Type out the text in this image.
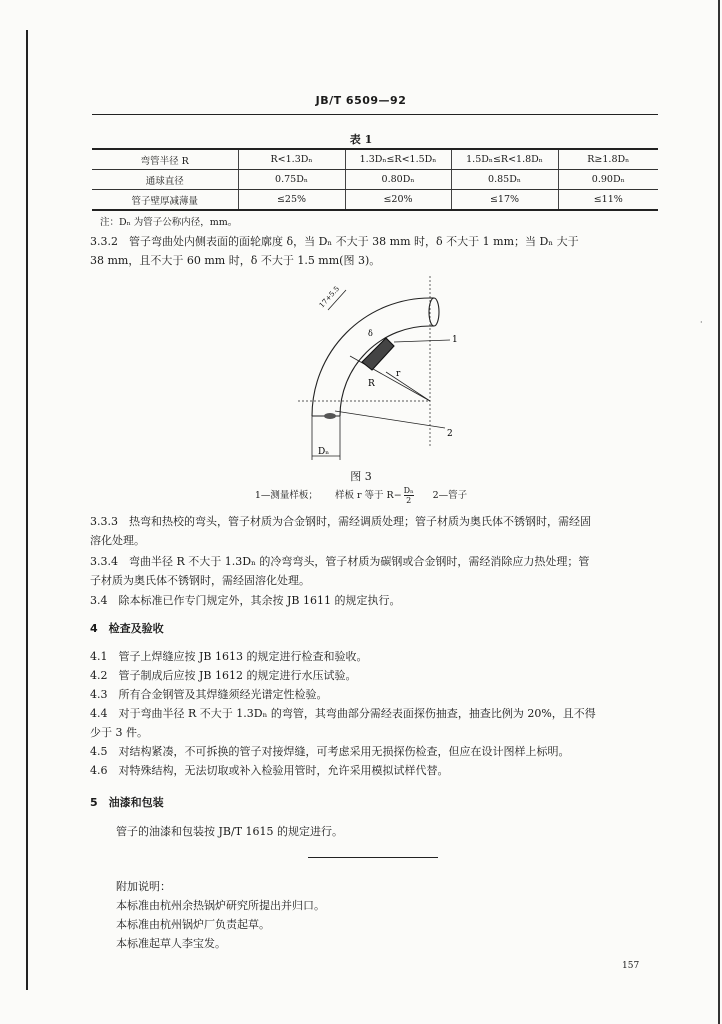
·
JB/T 6509—92
表 1
弯管半径 R	R<1.3Dₙ	1.3Dₙ≤R<1.5Dₙ	1.5Dₙ≤R<1.8Dₙ	R≥1.8Dₙ
通球直径	0.75Dₙ	0.80Dₙ	0.85Dₙ	0.90Dₙ
管子壁厚减薄量	≤25%	≤20%	≤17%	≤11%
注：Dₙ 为管子公称内径，mm。
3.3.2　管子弯曲处内侧表面的面轮廓度 δ，当 Dₙ 不大于 38 mm 时，δ 不大于 1 mm；当 Dₙ 大于
38 mm，且不大于 60 mm 时，δ 不大于 1.5 mm(图 3)。
Dₙ
R
r
δ
1
2
17+5.5
图 3
1—测量样板； 样板 r 等于 $R- \frac{\text{Dₙ}}{2}$ 2—管子
3.3.3　热弯和热校的弯头，管子材质为合金钢时，需经调质处理；管子材质为奥氏体不锈钢时，需经固
溶化处理。
3.3.4　弯曲半径 R 不大于 1.3Dₙ 的冷弯弯头，管子材质为碳钢或合金钢时，需经消除应力热处理；管
子材质为奥氏体不锈钢时，需经固溶化处理。
3.4　除本标准已作专门规定外，其余按 JB 1611 的规定执行。
4　检查及验收
4.1　管子上焊缝应按 JB 1613 的规定进行检查和验收。
4.2　管子制成后应按 JB 1612 的规定进行水压试验。
4.3　所有合金钢管及其焊缝须经光谱定性检验。
4.4　对于弯曲半径 R 不大于 1.3Dₙ 的弯管，其弯曲部分需经表面探伤抽查，抽查比例为 20%，且不得
少于 3 件。
4.5　对结构紧凑，不可拆换的管子对接焊缝，可考虑采用无损探伤检查，但应在设计图样上标明。
4.6　对特殊结构，无法切取或补入检验用管时，允许采用模拟试样代替。
5　油漆和包装
管子的油漆和包装按 JB/T 1615 的规定进行。
附加说明：
本标准由杭州余热锅炉研究所提出并归口。
本标准由杭州锅炉厂负责起草。
本标准起草人李宝发。
157
